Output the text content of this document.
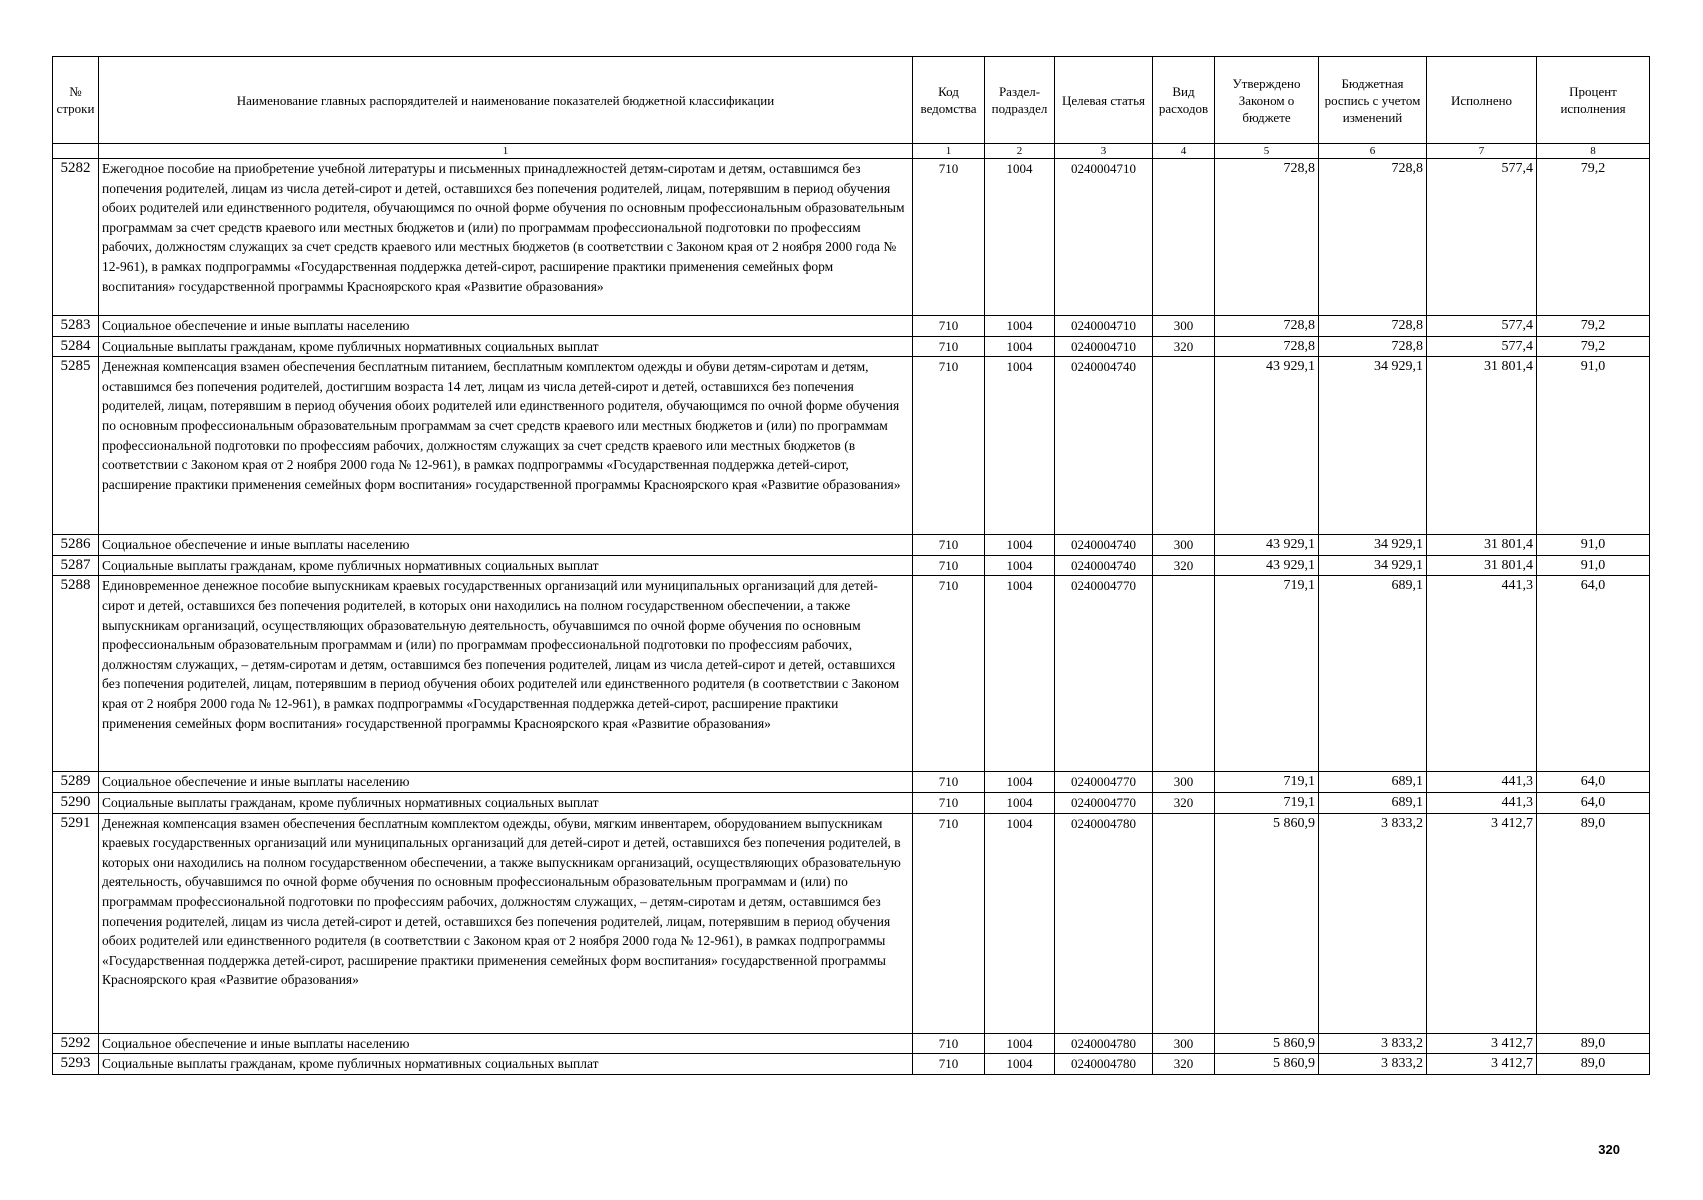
№ строки	Наименование главных распорядителей и наименование показателей бюджетной классификации	Код ведомства	Раздел-подраздел	Целевая статья	Вид расходов	Утверждено Законом о бюджете	Бюджетная роспись с учетом изменений	Исполнено	Процент исполнения
	1	1	2	3	4	5	6	7	8
5282	Ежегодное пособие на приобретение учебной литературы и письменных принадлежностей детям-сиротам и детям, оставшимся без попечения родителей, лицам из числа детей-сирот и детей, оставшихся без попечения родителей, лицам, потерявшим в период обучения обоих родителей или единственного родителя, обучающимся по очной форме обучения по основным профессиональным образовательным программам за счет средств краевого или местных бюджетов и (или) по программам профессиональной подготовки по профессиям рабочих, должностям служащих за счет средств краевого или местных бюджетов (в соответствии с Законом края от 2 ноября 2000 года № 12-961), в рамках подпрограммы «Государственная поддержка детей-сирот, расширение практики применения семейных форм воспитания» государственной программы Красноярского края «Развитие образования»	710	1004	0240004710		728,8	728,8	577,4	79,2
5283	Социальное обеспечение и иные выплаты населению	710	1004	0240004710	300	728,8	728,8	577,4	79,2
5284	Социальные выплаты гражданам, кроме публичных нормативных социальных выплат	710	1004	0240004710	320	728,8	728,8	577,4	79,2
5285	Денежная компенсация взамен обеспечения бесплатным питанием, бесплатным комплектом одежды и обуви детям-сиротам и детям, оставшимся без попечения родителей, достигшим возраста 14 лет, лицам из числа детей-сирот и детей, оставшихся без попечения родителей, лицам, потерявшим в период обучения обоих родителей или единственного родителя, обучающимся по очной форме обучения по основным профессиональным образовательным программам за счет средств краевого или местных бюджетов и (или) по программам профессиональной подготовки по профессиям рабочих, должностям служащих за счет средств краевого или местных бюджетов (в соответствии с Законом края от 2 ноября 2000 года № 12-961), в рамках подпрограммы «Государственная поддержка детей-сирот, расширение практики применения семейных форм воспитания» государственной программы Красноярского края «Развитие образования»	710	1004	0240004740		43 929,1	34 929,1	31 801,4	91,0
5286	Социальное обеспечение и иные выплаты населению	710	1004	0240004740	300	43 929,1	34 929,1	31 801,4	91,0
5287	Социальные выплаты гражданам, кроме публичных нормативных социальных выплат	710	1004	0240004740	320	43 929,1	34 929,1	31 801,4	91,0
5288	Единовременное денежное пособие выпускникам краевых государственных организаций или муниципальных организаций для детей-сирот и детей, оставшихся без попечения родителей, в которых они находились на полном государственном обеспечении, а также выпускникам организаций, осуществляющих образовательную деятельность, обучавшимся по очной форме обучения по основным профессиональным образовательным программам и (или) по программам профессиональной подготовки по профессиям рабочих, должностям служащих, – детям-сиротам и детям, оставшимся без попечения родителей, лицам из числа детей-сирот и детей, оставшихся без попечения родителей, лицам, потерявшим в период обучения обоих родителей или единственного родителя (в соответствии с Законом края от 2 ноября 2000 года № 12-961), в рамках подпрограммы «Государственная поддержка детей-сирот, расширение практики применения семейных форм воспитания» государственной программы Красноярского края «Развитие образования»	710	1004	0240004770		719,1	689,1	441,3	64,0
5289	Социальное обеспечение и иные выплаты населению	710	1004	0240004770	300	719,1	689,1	441,3	64,0
5290	Социальные выплаты гражданам, кроме публичных нормативных социальных выплат	710	1004	0240004770	320	719,1	689,1	441,3	64,0
5291	Денежная компенсация взамен обеспечения бесплатным комплектом одежды, обуви, мягким инвентарем, оборудованием выпускникам краевых государственных организаций или муниципальных организаций для детей-сирот и детей, оставшихся без попечения родителей, в которых они находились на полном государственном обеспечении, а также выпускникам организаций, осуществляющих образовательную деятельность, обучавшимся по очной форме обучения по основным профессиональным образовательным программам и (или) по программам профессиональной подготовки по профессиям рабочих, должностям служащих, – детям-сиротам и детям, оставшимся без попечения родителей, лицам из числа детей-сирот и детей, оставшихся без попечения родителей, лицам, потерявшим в период обучения обоих родителей или единственного родителя (в соответствии с Законом края от 2 ноября 2000 года № 12-961), в рамках подпрограммы «Государственная поддержка детей-сирот, расширение практики применения семейных форм воспитания» государственной программы Красноярского края «Развитие образования»	710	1004	0240004780		5 860,9	3 833,2	3 412,7	89,0
5292	Социальное обеспечение и иные выплаты населению	710	1004	0240004780	300	5 860,9	3 833,2	3 412,7	89,0
5293	Социальные выплаты гражданам, кроме публичных нормативных социальных выплат	710	1004	0240004780	320	5 860,9	3 833,2	3 412,7	89,0
320
